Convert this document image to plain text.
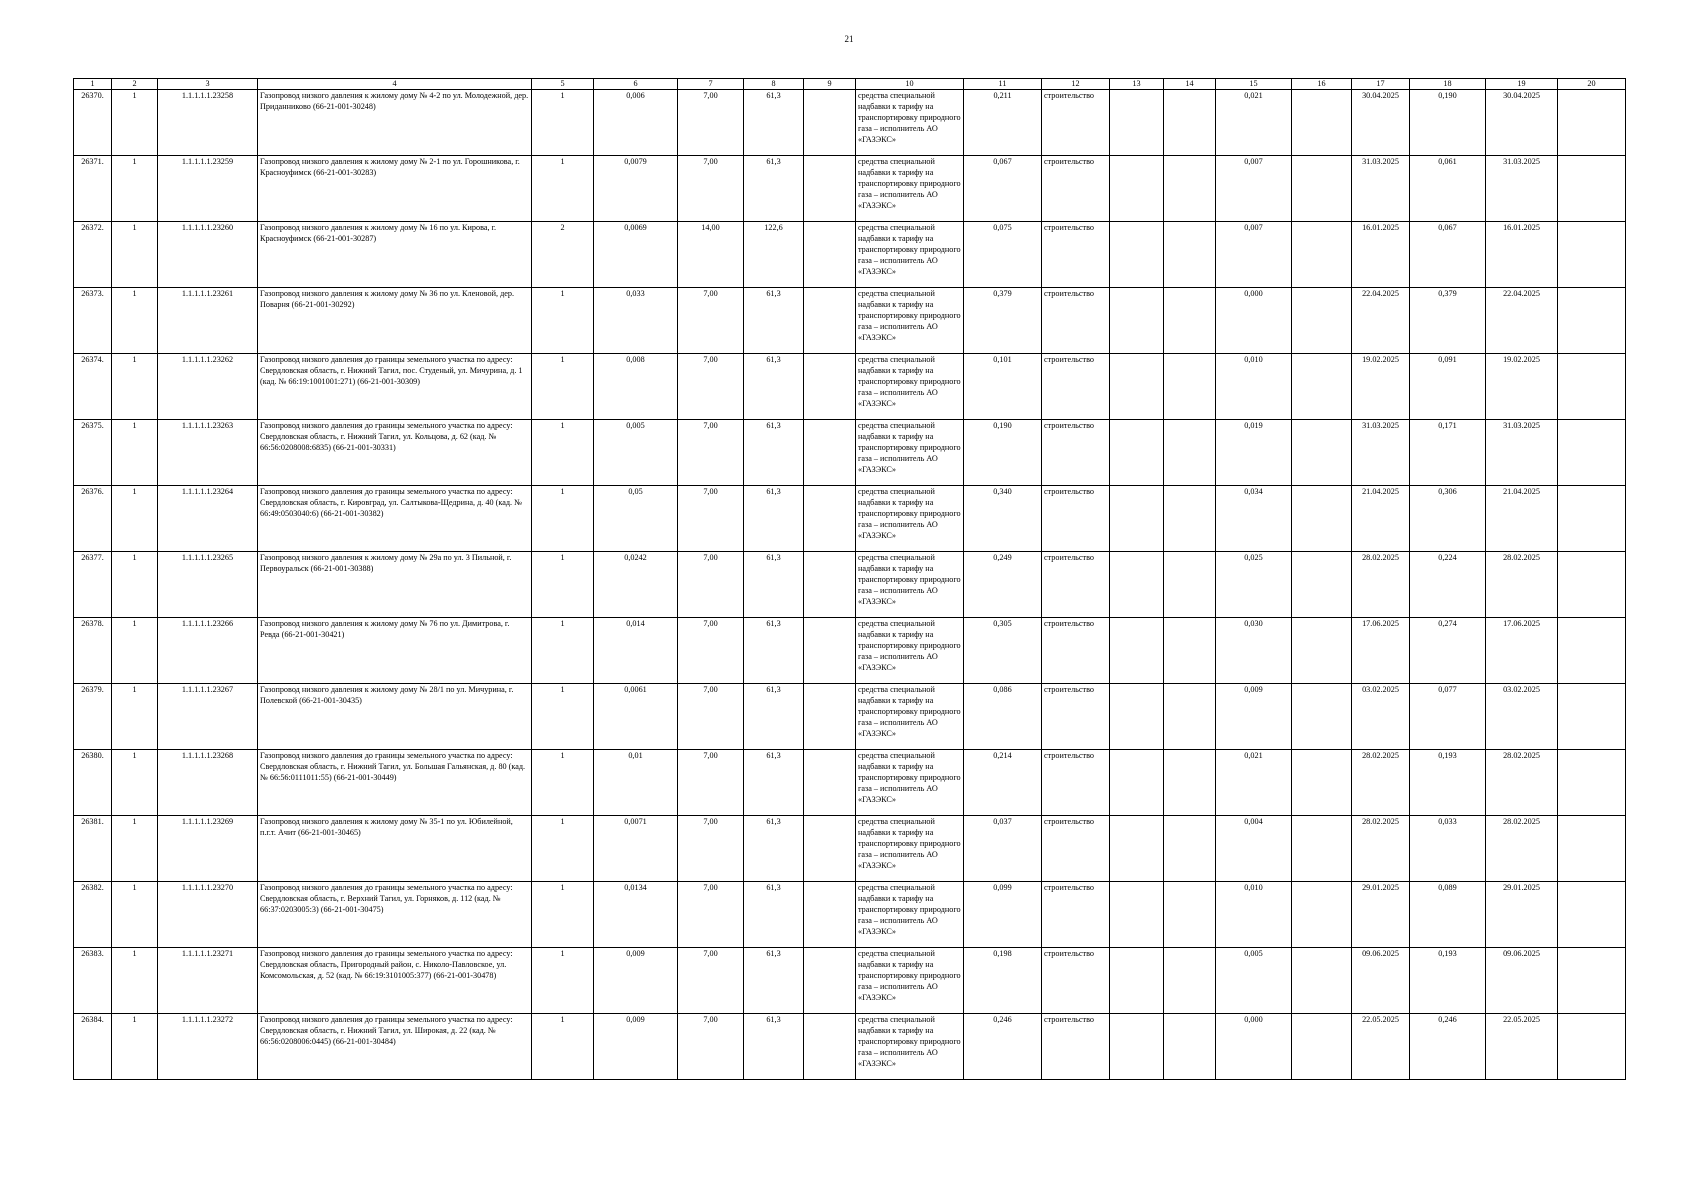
21
1	2	3	4	5	6	7	8	9	10	11	12	13	14	15	16	17	18	19	20
26370.	1	1.1.1.1.1.23258	Газопровод низкого давления к жилому дому № 4-2 по ул. Молодежной, дер. Приданниково (66-21-001-30248)	1	0,006	7,00	61,3		средства специальной надбавки к тарифу на транспортировку природного газа – исполнитель АО «ГАЗЭКС»	0,211	строительство			0,021		30.04.2025	0,190	30.04.2025	
26371.	1	1.1.1.1.1.23259	Газопровод низкого давления к жилому дому № 2-1 по ул. Горошникова, г. Красноуфимск (66-21-001-30283)	1	0,0079	7,00	61,3		средства специальной надбавки к тарифу на транспортировку природного газа – исполнитель АО «ГАЗЭКС»	0,067	строительство			0,007		31.03.2025	0,061	31.03.2025	
26372.	1	1.1.1.1.1.23260	Газопровод низкого давления к жилому дому № 16 по ул. Кирова, г. Красноуфимск (66-21-001-30287)	2	0,0069	14,00	122,6		средства специальной надбавки к тарифу на транспортировку природного газа – исполнитель АО «ГАЗЭКС»	0,075	строительство			0,007		16.01.2025	0,067	16.01.2025	
26373.	1	1.1.1.1.1.23261	Газопровод низкого давления к жилому дому № 36 по ул. Кленовой, дер. Поварня (66-21-001-30292)	1	0,033	7,00	61,3		средства специальной надбавки к тарифу на транспортировку природного газа – исполнитель АО «ГАЗЭКС»	0,379	строительство			0,000		22.04.2025	0,379	22.04.2025	
26374.	1	1.1.1.1.1.23262	Газопровод низкого давления до границы земельного участка по адресу: Свердловская область, г. Нижний Тагил, пос. Студеный, ул. Мичурина, д. 1 (кад. № 66:19:1001001:271) (66-21-001-30309)	1	0,008	7,00	61,3		средства специальной надбавки к тарифу на транспортировку природного газа – исполнитель АО «ГАЗЭКС»	0,101	строительство			0,010		19.02.2025	0,091	19.02.2025	
26375.	1	1.1.1.1.1.23263	Газопровод низкого давления до границы земельного участка по адресу: Свердловская область, г. Нижний Тагил, ул. Кольцова, д. 62 (кад. № 66:56:0208008:6835) (66-21-001-30331)	1	0,005	7,00	61,3		средства специальной надбавки к тарифу на транспортировку природного газа – исполнитель АО «ГАЗЭКС»	0,190	строительство			0,019		31.03.2025	0,171	31.03.2025	
26376.	1	1.1.1.1.1.23264	Газопровод низкого давления до границы земельного участка по адресу: Свердловская область, г. Кировград, ул. Салтыкова-Щедрина, д. 40 (кад. № 66:49:0503040:6) (66-21-001-30382)	1	0,05	7,00	61,3		средства специальной надбавки к тарифу на транспортировку природного газа – исполнитель АО «ГАЗЭКС»	0,340	строительство			0,034		21.04.2025	0,306	21.04.2025	
26377.	1	1.1.1.1.1.23265	Газопровод низкого давления к жилому дому № 29а по ул. 3 Пильной, г. Первоуральск (66-21-001-30388)	1	0,0242	7,00	61,3		средства специальной надбавки к тарифу на транспортировку природного газа – исполнитель АО «ГАЗЭКС»	0,249	строительство			0,025		28.02.2025	0,224	28.02.2025	
26378.	1	1.1.1.1.1.23266	Газопровод низкого давления к жилому дому № 76 по ул. Димитрова, г. Ревда (66-21-001-30421)	1	0,014	7,00	61,3		средства специальной надбавки к тарифу на транспортировку природного газа – исполнитель АО «ГАЗЭКС»	0,305	строительство			0,030		17.06.2025	0,274	17.06.2025	
26379.	1	1.1.1.1.1.23267	Газопровод низкого давления к жилому дому № 28/1 по ул. Мичурина, г. Полевской (66-21-001-30435)	1	0,0061	7,00	61,3		средства специальной надбавки к тарифу на транспортировку природного газа – исполнитель АО «ГАЗЭКС»	0,086	строительство			0,009		03.02.2025	0,077	03.02.2025	
26380.	1	1.1.1.1.1.23268	Газопровод низкого давления до границы земельного участка по адресу: Свердловская область, г. Нижний Тагил, ул. Большая Гальянская, д. 80 (кад. № 66:56:0111011:55) (66-21-001-30449)	1	0,01	7,00	61,3		средства специальной надбавки к тарифу на транспортировку природного газа – исполнитель АО «ГАЗЭКС»	0,214	строительство			0,021		28.02.2025	0,193	28.02.2025	
26381.	1	1.1.1.1.1.23269	Газопровод низкого давления к жилому дому № 35-1 по ул. Юбилейной, п.г.т. Ачит (66-21-001-30465)	1	0,0071	7,00	61,3		средства специальной надбавки к тарифу на транспортировку природного газа – исполнитель АО «ГАЗЭКС»	0,037	строительство			0,004		28.02.2025	0,033	28.02.2025	
26382.	1	1.1.1.1.1.23270	Газопровод низкого давления до границы земельного участка по адресу: Свердловская область, г. Верхний Тагил, ул. Горняков, д. 112 (кад. № 66:37:0203005:3) (66-21-001-30475)	1	0,0134	7,00	61,3		средства специальной надбавки к тарифу на транспортировку природного газа – исполнитель АО «ГАЗЭКС»	0,099	строительство			0,010		29.01.2025	0,089	29.01.2025	
26383.	1	1.1.1.1.1.23271	Газопровод низкого давления до границы земельного участка по адресу: Свердловская область, Пригородный район, с. Николо-Павловское, ул. Комсомольская, д. 52 (кад. № 66:19:3101005:377) (66-21-001-30478)	1	0,009	7,00	61,3		средства специальной надбавки к тарифу на транспортировку природного газа – исполнитель АО «ГАЗЭКС»	0,198	строительство			0,005		09.06.2025	0,193	09.06.2025	
26384.	1	1.1.1.1.1.23272	Газопровод низкого давления до границы земельного участка по адресу: Свердловская область, г. Нижний Тагил, ул. Широкая, д. 22 (кад. № 66:56:0208006:0445) (66-21-001-30484)	1	0,009	7,00	61,3		средства специальной надбавки к тарифу на транспортировку природного газа – исполнитель АО «ГАЗЭКС»	0,246	строительство			0,000		22.05.2025	0,246	22.05.2025	
